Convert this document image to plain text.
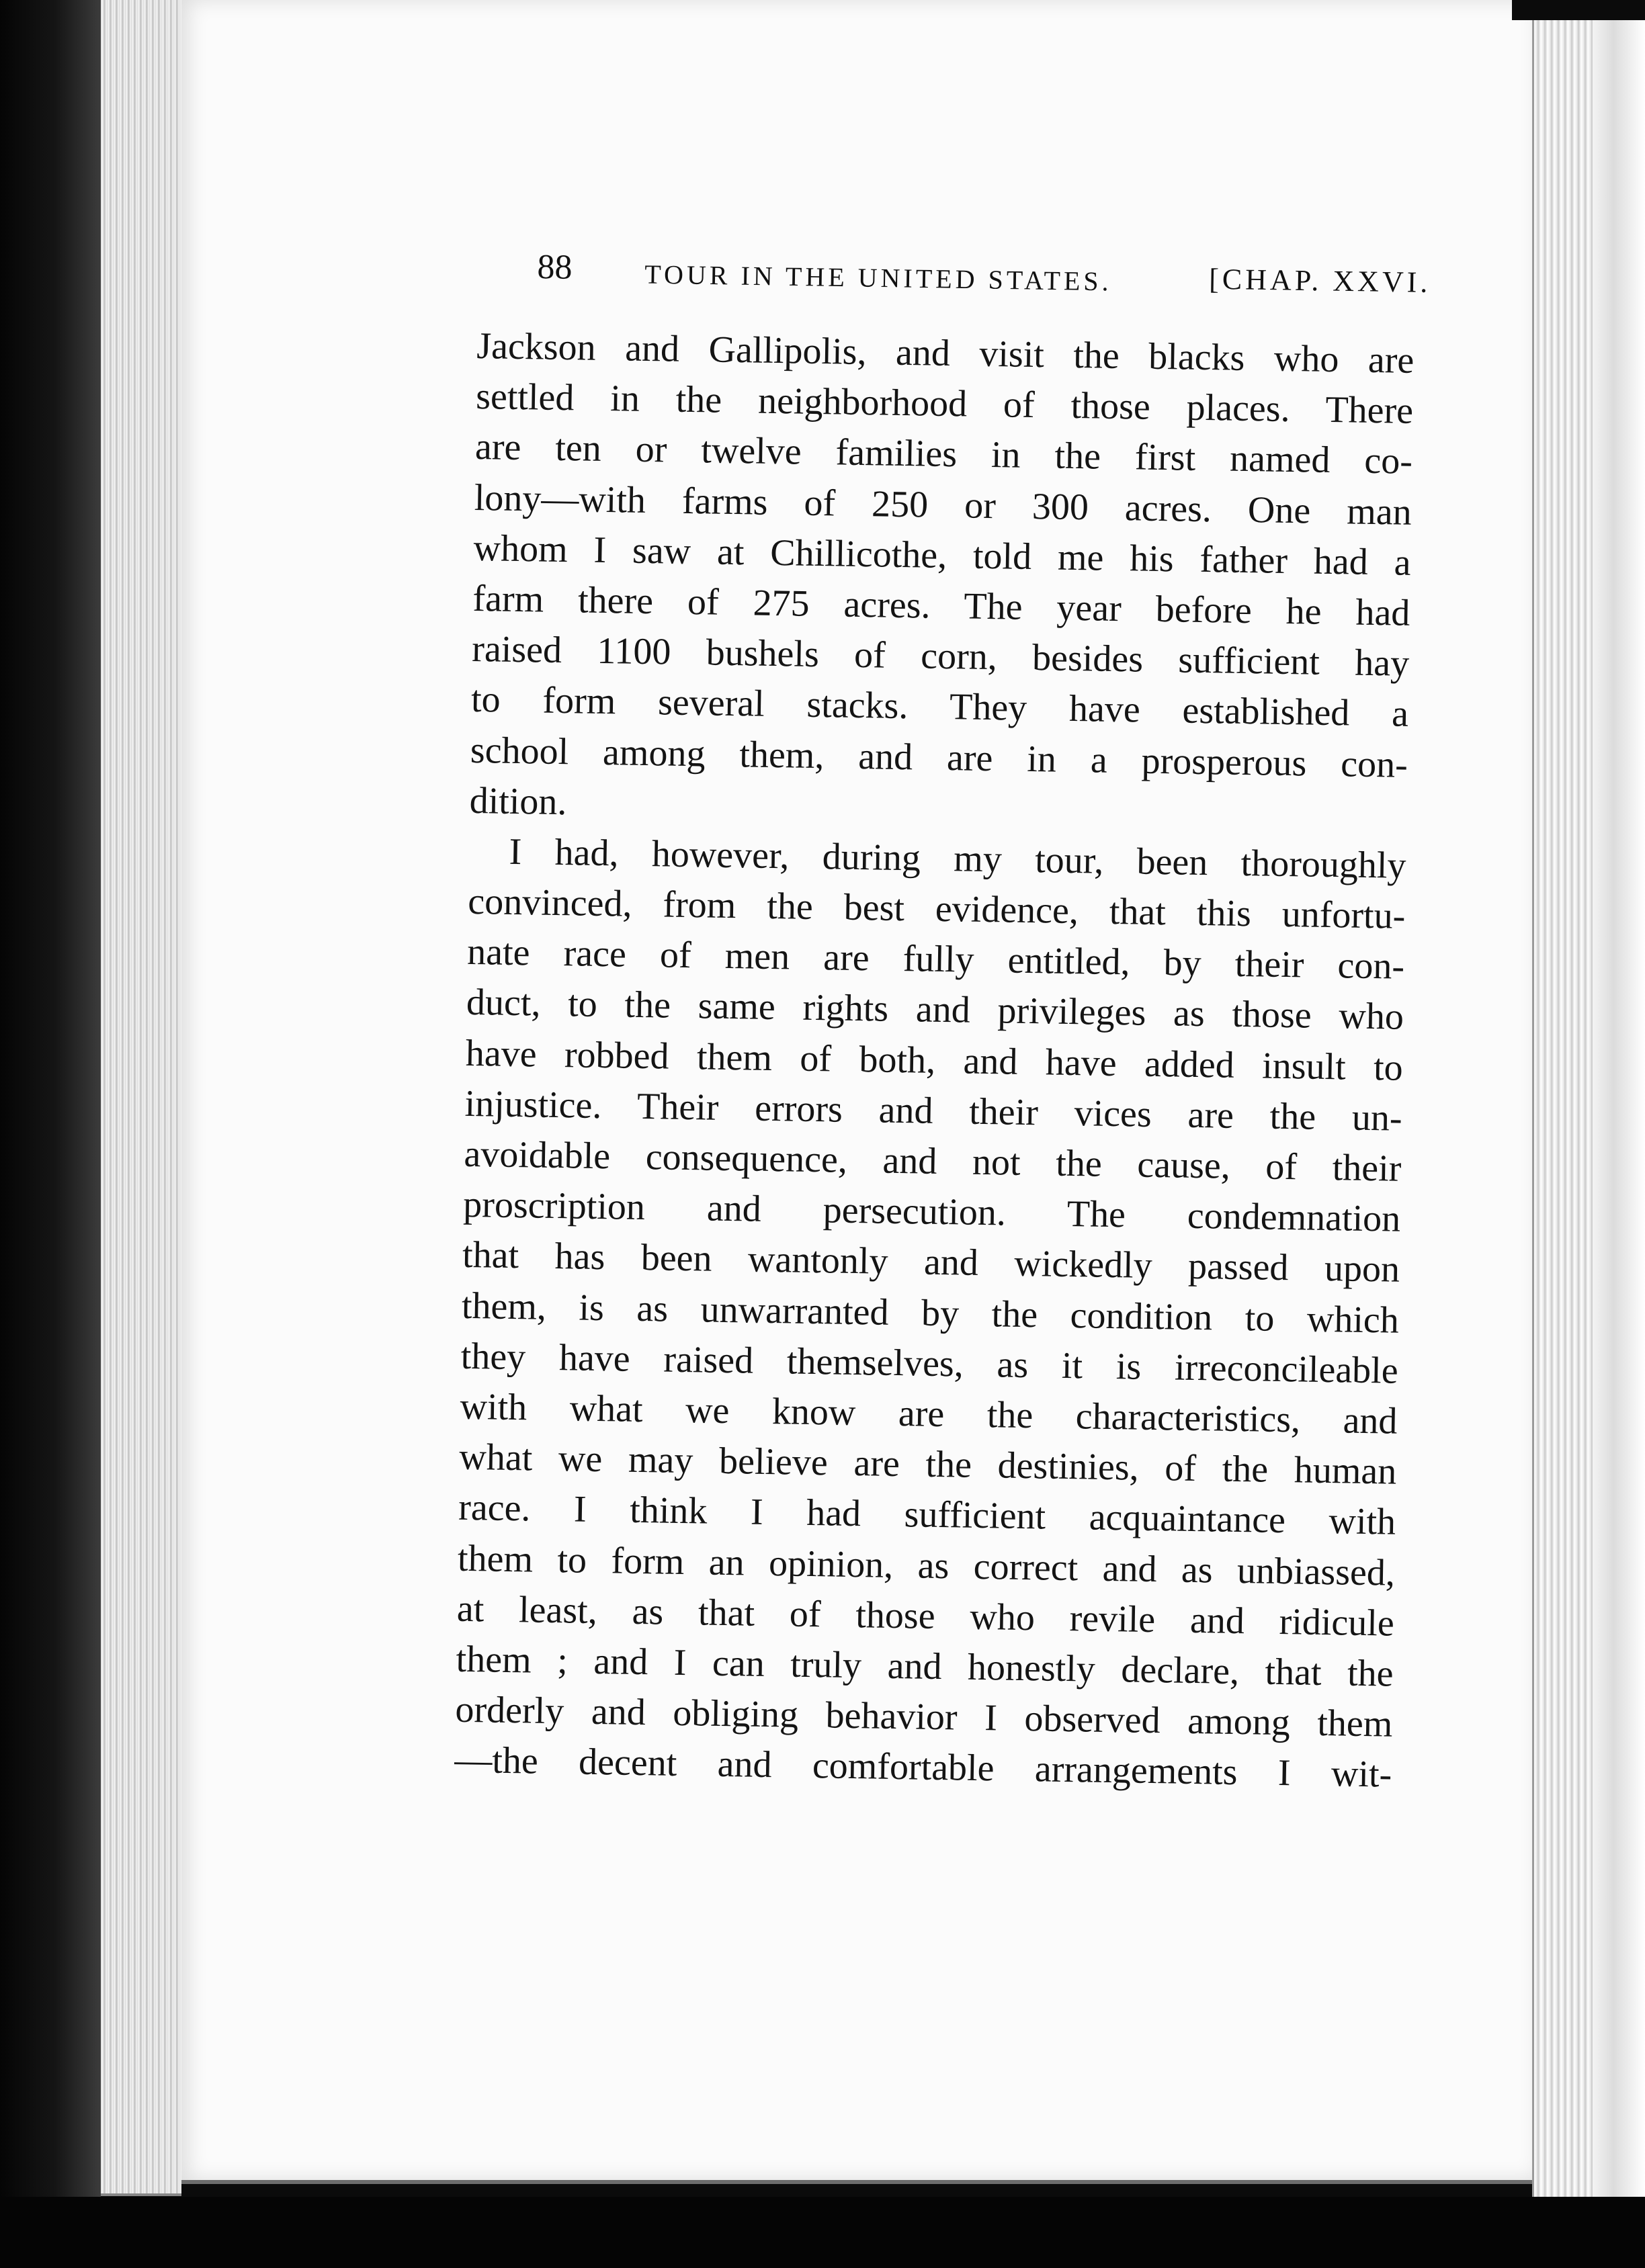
88	TOUR IN THE UNITED STATES.	[CHAP. XXVI.
Jackson and Gallipolis, and visit the blacks who are
settled in the neighborhood of those places. There
are ten or twelve families in the first named co-
lony—with farms of 250 or 300 acres. One man
whom I saw at Chillicothe, told me his father had a
farm there of 275 acres. The year before he had
raised 1100 bushels of corn, besides sufficient hay
to form several stacks. They have established a
school among them, and are in a prosperous con-
dition.
I had, however, during my tour, been thoroughly
convinced, from the best evidence, that this unfortu-
nate race of men are fully entitled, by their con-
duct, to the same rights and privileges as those who
have robbed them of both, and have added insult to
injustice. Their errors and their vices are the un-
avoidable consequence, and not the cause, of their
proscription and persecution. The condemnation
that has been wantonly and wickedly passed upon
them, is as unwarranted by the condition to which
they have raised themselves, as it is irreconcileable
with what we know are the characteristics, and
what we may believe are the destinies, of the human
race. I think I had sufficient acquaintance with
them to form an opinion, as correct and as unbiassed,
at least, as that of those who revile and ridicule
them ; and I can truly and honestly declare, that the
orderly and obliging behavior I observed among them
—the decent and comfortable arrangements I wit-
